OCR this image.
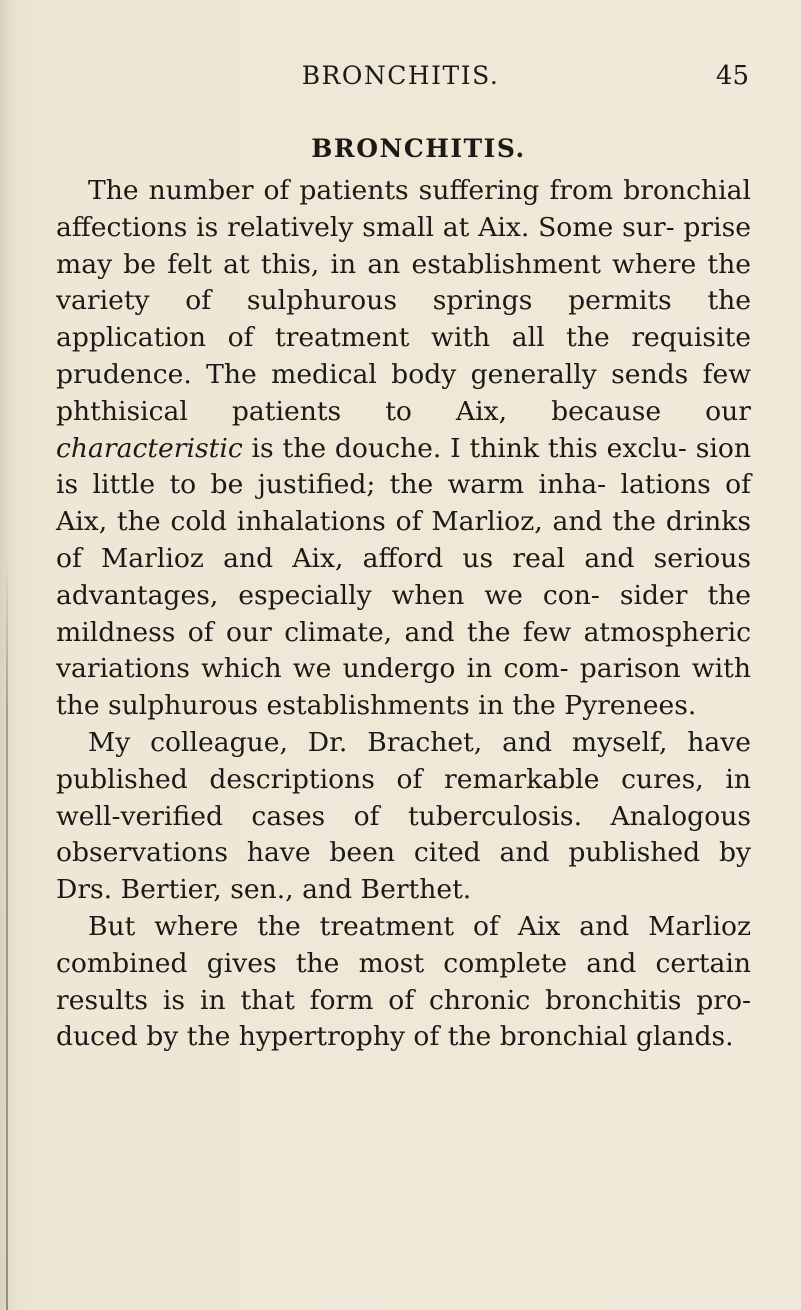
BRONCHITIS.	45
BRONCHITIS.

The number of patients suffering from bronchial affections is relatively small at Aix. Some sur- prise may be felt at this, in an establishment where the variety of sulphurous springs permits the application of treatment with all the requisite prudence. The medical body generally sends few phthisical patients to Aix, because our characteristic is the douche. I think this exclu- sion is little to be justified; the warm inha- lations of Aix, the cold inhalations of Marlioz, and the drinks of Marlioz and Aix, afford us real and serious advantages, especially when we con- sider the mildness of our climate, and the few atmospheric variations which we undergo in com- parison with the sulphurous establishments in the Pyrenees.

My colleague, Dr. Brachet, and myself, have published descriptions of remarkable cures, in well-verified cases of tuberculosis. Analogous observations have been cited and published by Drs. Bertier, sen., and Berthet.

But where the treatment of Aix and Marlioz combined gives the most complete and certain results is in that form of chronic bronchitis pro- duced by the hypertrophy of the bronchial glands.
